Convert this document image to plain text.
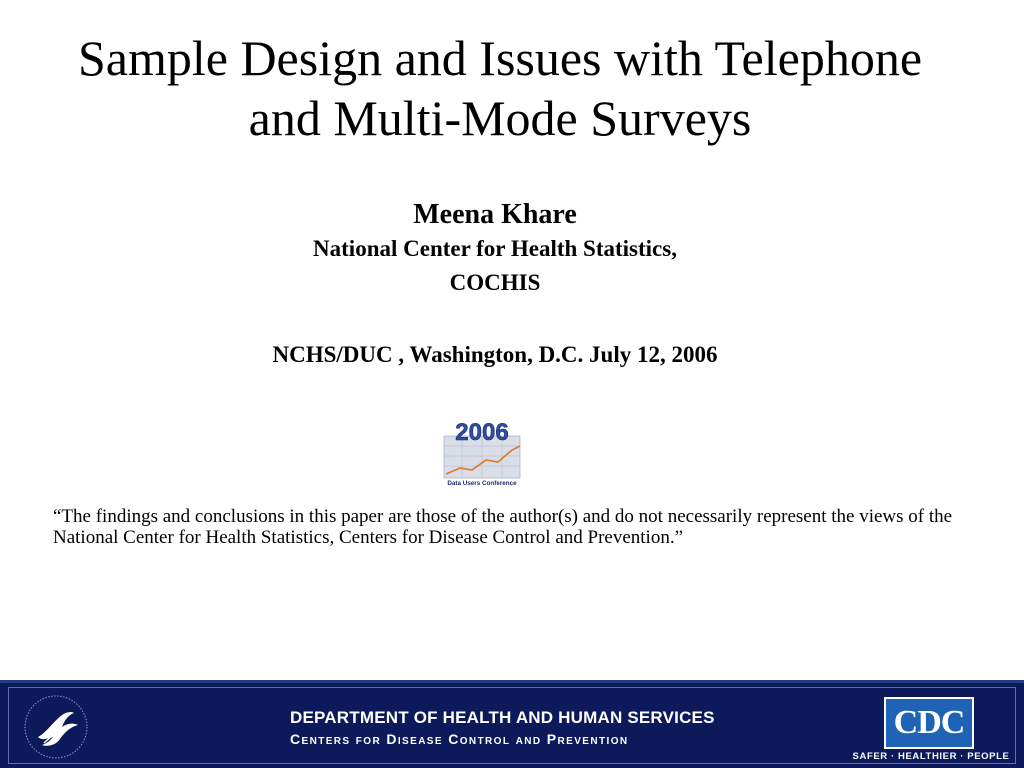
Sample Design and Issues with Telephone
and Multi-Mode Surveys
Meena Khare
National Center for Health Statistics,
COCHIS
NCHS/DUC , Washington, D.C. July 12, 2006
2006
Data Users Conference
“The findings and conclusions in this paper are those of the author(s) and do not necessarily represent the views of the National Center for Health Statistics, Centers for Disease Control and Prevention.”
DEPARTMENT OF HEALTH AND HUMAN SERVICES
Centers for Disease Control and Prevention	CDC
SAFER · HEALTHIER · PEOPLE
